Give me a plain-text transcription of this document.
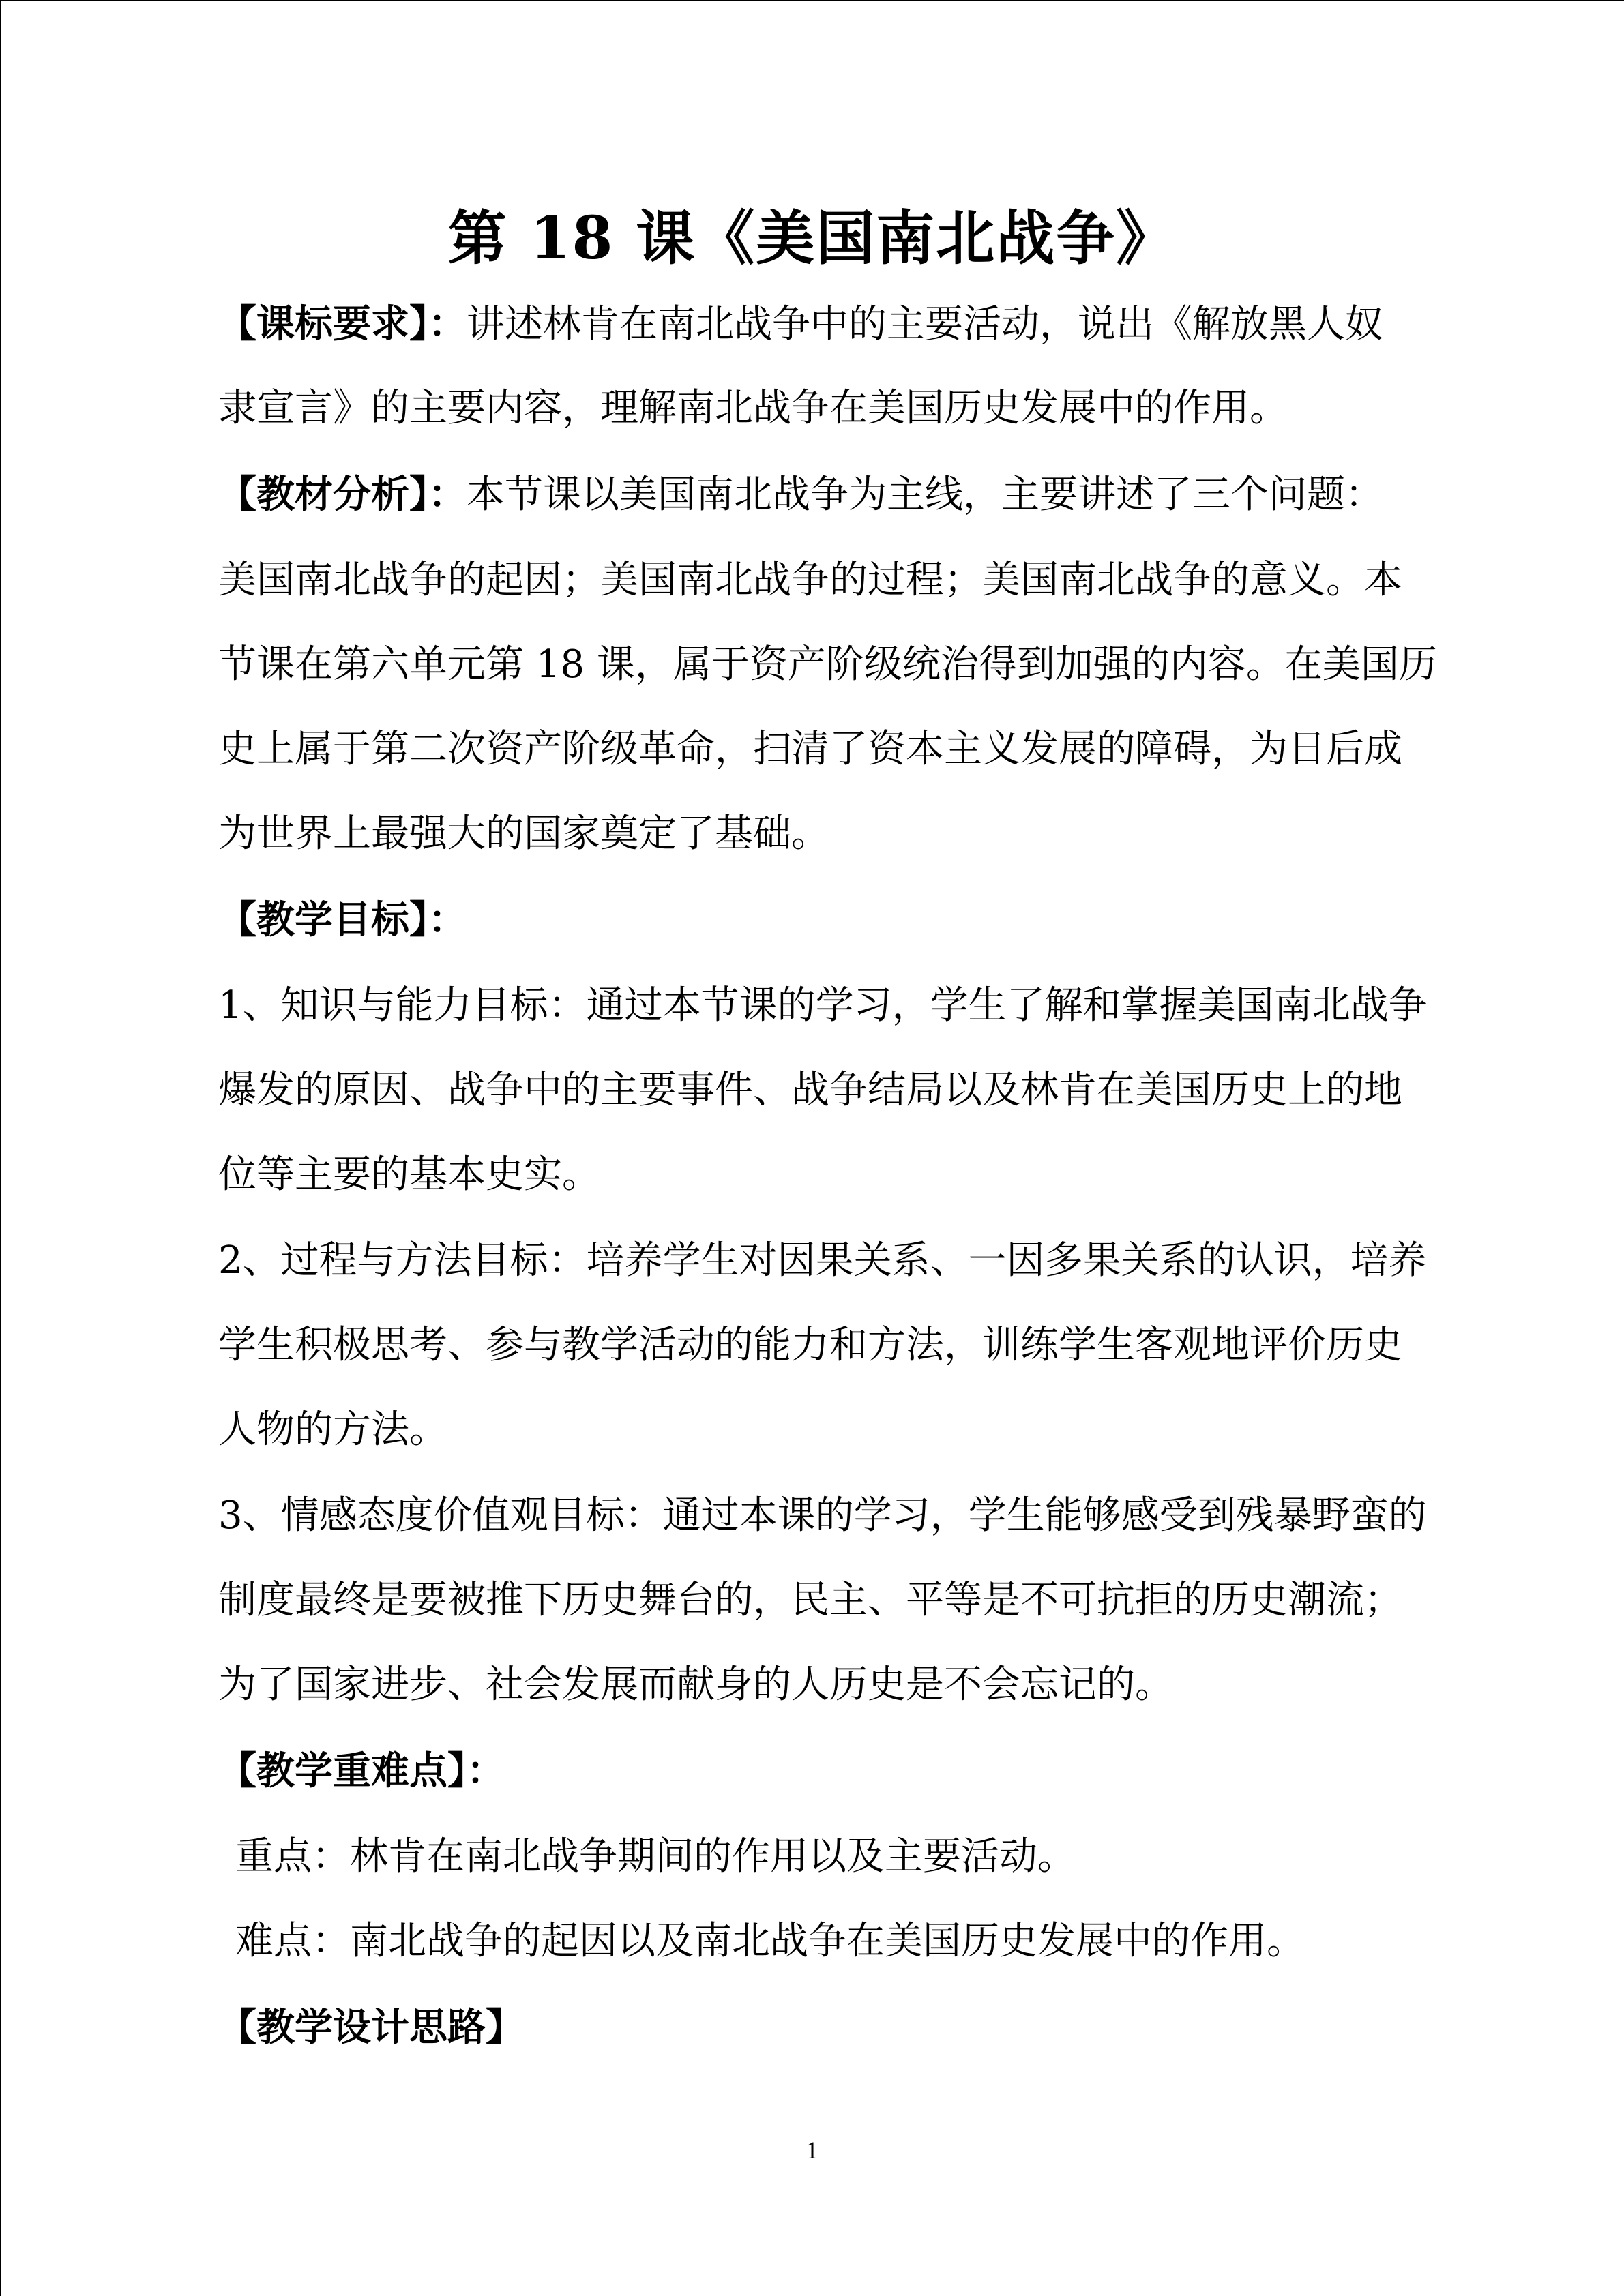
第 18 课《美国南北战争》
【课标要求】：讲述林肯在南北战争中的主要活动，说出《解放黑人奴
隶宣言》的主要内容，理解南北战争在美国历史发展中的作用。
【教材分析】：本节课以美国南北战争为主线，主要讲述了三个问题：
美国南北战争的起因；美国南北战争的过程；美国南北战争的意义。本
节课在第六单元第 18 课，属于资产阶级统治得到加强的内容。在美国历
史上属于第二次资产阶级革命，扫清了资本主义发展的障碍，为日后成
为世界上最强大的国家奠定了基础。
【教学目标】：
1、知识与能力目标：通过本节课的学习，学生了解和掌握美国南北战争
爆发的原因、战争中的主要事件、战争结局以及林肯在美国历史上的地
位等主要的基本史实。
2、过程与方法目标：培养学生对因果关系、一因多果关系的认识，培养
学生积极思考、参与教学活动的能力和方法，训练学生客观地评价历史
人物的方法。
3、情感态度价值观目标：通过本课的学习，学生能够感受到残暴野蛮的
制度最终是要被推下历史舞台的，民主、平等是不可抗拒的历史潮流；
为了国家进步、社会发展而献身的人历史是不会忘记的。
【教学重难点】：
重点：林肯在南北战争期间的作用以及主要活动。
难点：南北战争的起因以及南北战争在美国历史发展中的作用。
【教学设计思路】
1
